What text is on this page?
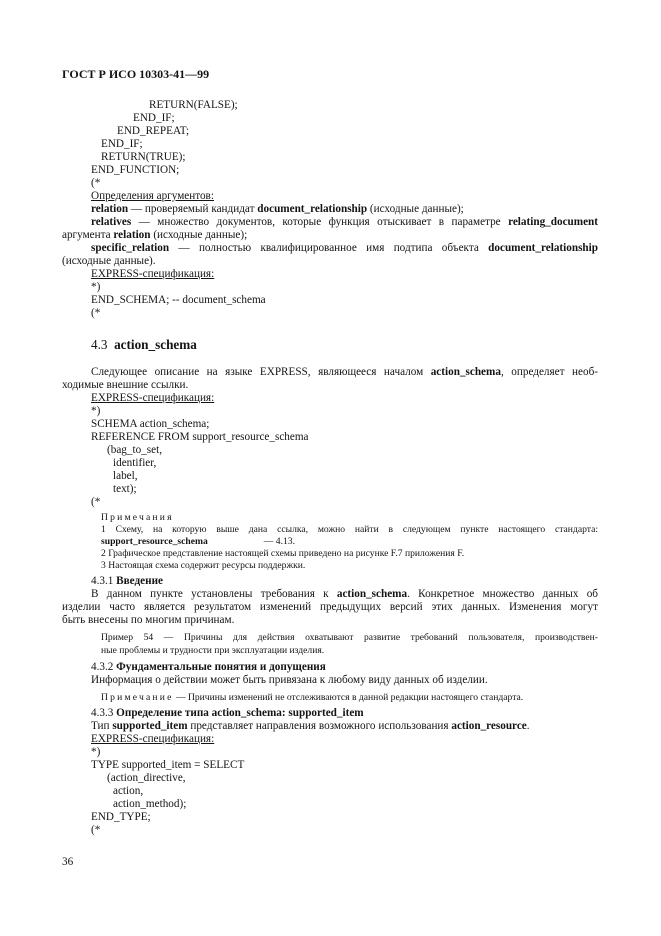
ГОСТ Р ИСО 10303-41—99
RETURN(FALSE);
END_IF;
END_REPEAT;
END_IF;
RETURN(TRUE);
END_FUNCTION;
(*
Определения аргументов:
relation — проверяемый кандидат document_relationship (исходные данные);
relatives — множество документов, которые функция отыскивает в параметре relating_document
аргумента relation (исходные данные);
specific_relation — полностью квалифицированное имя подтипа объекта document_relationship
(исходные данные).
EXPRESS-спецификация:
*)
END_SCHEMA; -- document_schema
(*
4.3 action_schema
Следующее описание на языке EXPRESS, являющееся началом action_schema, определяет необ-
ходимые внешние ссылки.
EXPRESS-спецификация:
*)
SCHEMA action_schema;
REFERENCE FROM support_resource_schema
(bag_to_set,
identifier,
label,
text);
(*
Примечания
1 Схему, на которую выше дана ссылка, можно найти в следующем пункте настоящего стандарта:
support_resource_schema	— 4.13.
2 Графическое представление настоящей схемы приведено на рисунке F.7 приложения F.
3 Настоящая схема содержит ресурсы поддержки.
4.3.1 Введение
В данном пункте установлены требования к action_schema. Конкретное множество данных об
изделии часто является результатом изменений предыдущих версий этих данных. Изменения могут
быть внесены по многим причинам.
Пример 54 — Причины для действия охватывают развитие требований пользователя, производствен-
ные проблемы и трудности при эксплуатации изделия.
4.3.2 Фундаментальные понятия и допущения
Информация о действии может быть привязана к любому виду данных об изделии.
Примечание — Причины изменений не отслеживаются в данной редакции настоящего стандарта.
4.3.3 Определение типа action_schema: supported_item
Тип supported_item представляет направления возможного использования action_resource.
EXPRESS-спецификация:
*)
TYPE supported_item = SELECT
(action_directive,
action,
action_method);
END_TYPE;
(*
36
